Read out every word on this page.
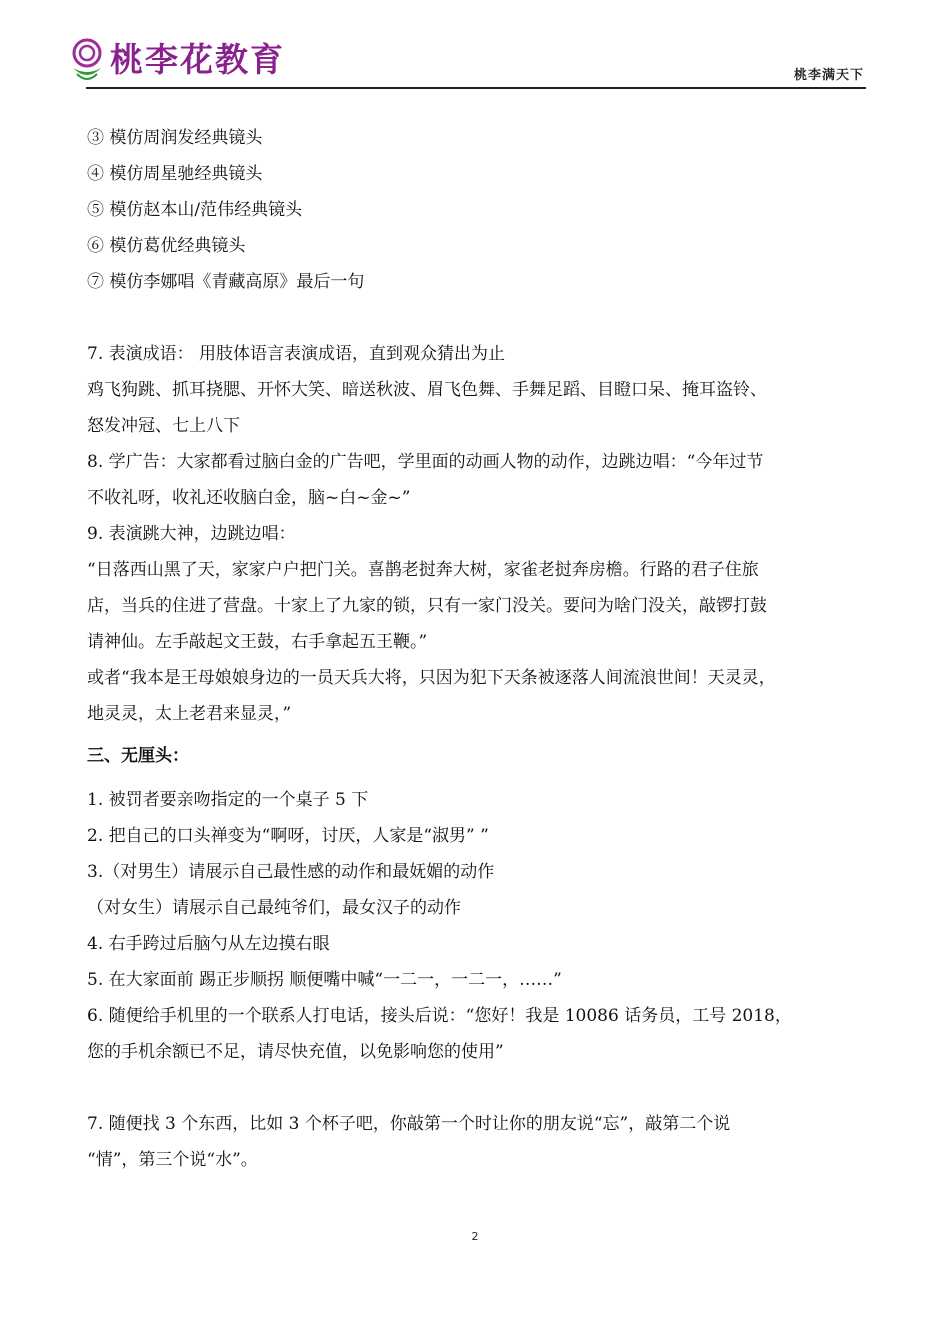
桃李花教育	桃李满天下
③ 模仿周润发经典镜头
④ 模仿周星驰经典镜头
⑤ 模仿赵本山/范伟经典镜头
⑥ 模仿葛优经典镜头
⑦ 模仿李娜唱《青藏高原》最后一句
7. 表演成语： 用肢体语言表演成语，直到观众猜出为止
鸡飞狗跳、抓耳挠腮、开怀大笑、暗送秋波、眉飞色舞、手舞足蹈、目瞪口呆、掩耳盗铃、
怒发冲冠、七上八下
8. 学广告：大家都看过脑白金的广告吧，学里面的动画人物的动作，边跳边唱：“今年过节
不收礼呀，收礼还收脑白金，脑~白~金~”
9. 表演跳大神，边跳边唱：
“日落西山黑了天，家家户户把门关。喜鹊老挝奔大树，家雀老挝奔房檐。行路的君子住旅
店，当兵的住进了营盘。十家上了九家的锁，只有一家门没关。要问为啥门没关，敲锣打鼓
请神仙。左手敲起文王鼓，右手拿起五王鞭。”
或者“我本是王母娘娘身边的一员天兵大将，只因为犯下天条被逐落人间流浪世间！天灵灵，
地灵灵，太上老君来显灵，”
三、无厘头：
1. 被罚者要亲吻指定的一个桌子 5 下
2. 把自己的口头禅变为“啊呀，讨厌，人家是“淑男” ”
3.（对男生）请展示自己最性感的动作和最妩媚的动作
（对女生）请展示自己最纯爷们，最女汉子的动作
4. 右手跨过后脑勺从左边摸右眼
5. 在大家面前 踢正步顺拐 顺便嘴中喊“一二一，一二一，……”
6. 随便给手机里的一个联系人打电话，接头后说：“您好！我是 10086 话务员，工号 2018，
您的手机余额已不足，请尽快充值，以免影响您的使用”
7. 随便找 3 个东西，比如 3 个杯子吧，你敲第一个时让你的朋友说“忘”，敲第二个说
“情”，第三个说“水”。
2
